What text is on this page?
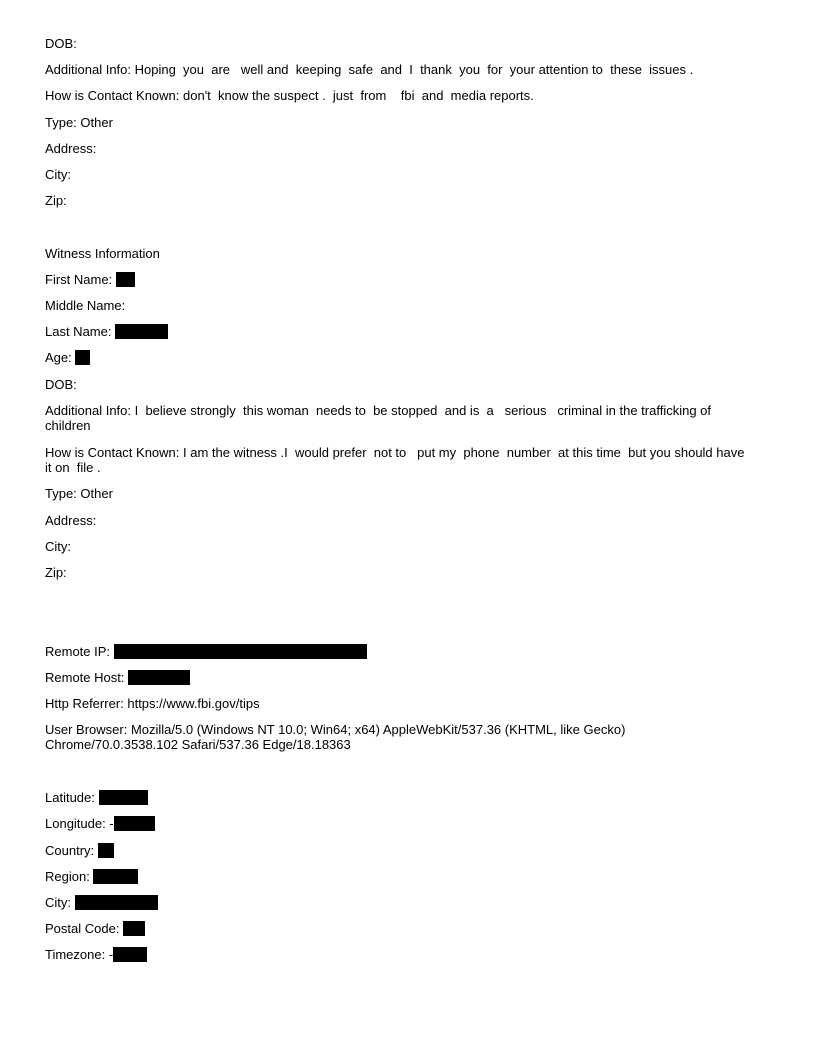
DOB:
Additional Info: Hoping  you  are   well and  keeping  safe  and  I  thank  you  for  your attention to  these  issues .
How is Contact Known: don't  know the suspect .  just  from    fbi  and  media reports.
Type: Other
Address:
City:
Zip:
Witness Information
First Name:
Middle Name:
Last Name:
Age:
DOB:
Additional Info: I  believe strongly  this woman  needs to  be stopped  and is  a   serious   criminal in the trafficking of children
How is Contact Known: I am the witness .I  would prefer  not to   put my  phone  number  at this time  but you should have   it on  file .
Type: Other
Address:
City:
Zip:
Remote IP:
Remote Host:
Http Referrer: https://www.fbi.gov/tips
User Browser: Mozilla/5.0 (Windows NT 10.0; Win64; x64) AppleWebKit/537.36 (KHTML, like Gecko) Chrome/70.0.3538.102 Safari/537.36 Edge/18.18363
Latitude:
Longitude: -
Country:
Region:
City:
Postal Code:
Timezone: -
